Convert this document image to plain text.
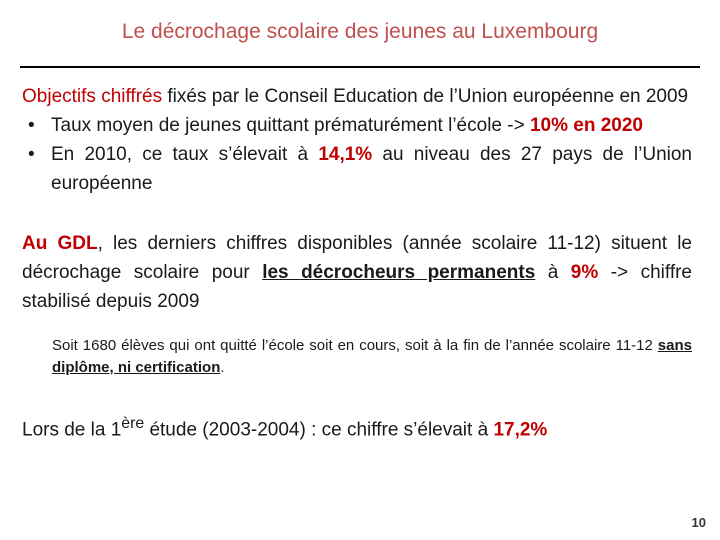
Le décrochage scolaire des jeunes au Luxembourg

Objectifs chiffrés fixés par le Conseil Education de l’Union européenne en 2009

• Taux moyen de jeunes quittant prématurément l’école -> 10% en 2020

• En 2010, ce taux s’élevait à 14,1% au niveau des 27 pays de l’Union européenne

Au GDL, les derniers chiffres disponibles (année scolaire 11-12) situent le décrochage scolaire pour les décrocheurs permanents à 9% -> chiffre stabilisé depuis 2009

Soit 1680 élèves qui ont quitté l’école soit en cours, soit à la fin de l’année scolaire 11-12 sans diplôme, ni certification.

Lors de la 1ère étude (2003-2004) : ce chiffre s’élevait à 17,2%

10
